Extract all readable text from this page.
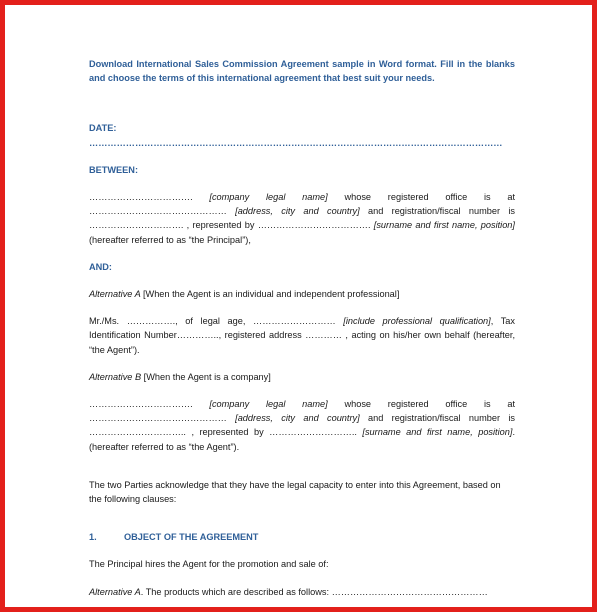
Download International Sales Commission Agreement sample in Word format. Fill in the blanks and choose the terms of this international agreement that best suit your needs.

DATE: ………………………………………………………………………………………………………………………

BETWEEN:

……………………………. [company legal name] whose registered office is at ……………………………………… [address, city and country] and registration/fiscal number is …………………………. , represented by ………………………………. [surname and first name, position] (hereafter referred to as “the Principal”),

AND:

Alternative A [When the Agent is an individual and independent professional]

Mr./Ms. ……………., of legal age, ……………………… [include professional qualification], Tax Identification Number………….., registered address ………… , acting on his/her own behalf (hereafter, “the Agent”).

Alternative B [When the Agent is a company]

……………………………. [company legal name] whose registered office is at ……………………………………… [address, city and country] and registration/fiscal number is ………………………….. , represented by ……………………….. [surname and first name, position]. (hereafter referred to as “the Agent”).

The two Parties acknowledge that they have the legal capacity to enter into this Agreement, based on the following clauses:

1.	OBJECT OF THE AGREEMENT

The Principal hires the Agent for the promotion and sale of:

Alternative A. The products which are described as follows: ……………………………………………
